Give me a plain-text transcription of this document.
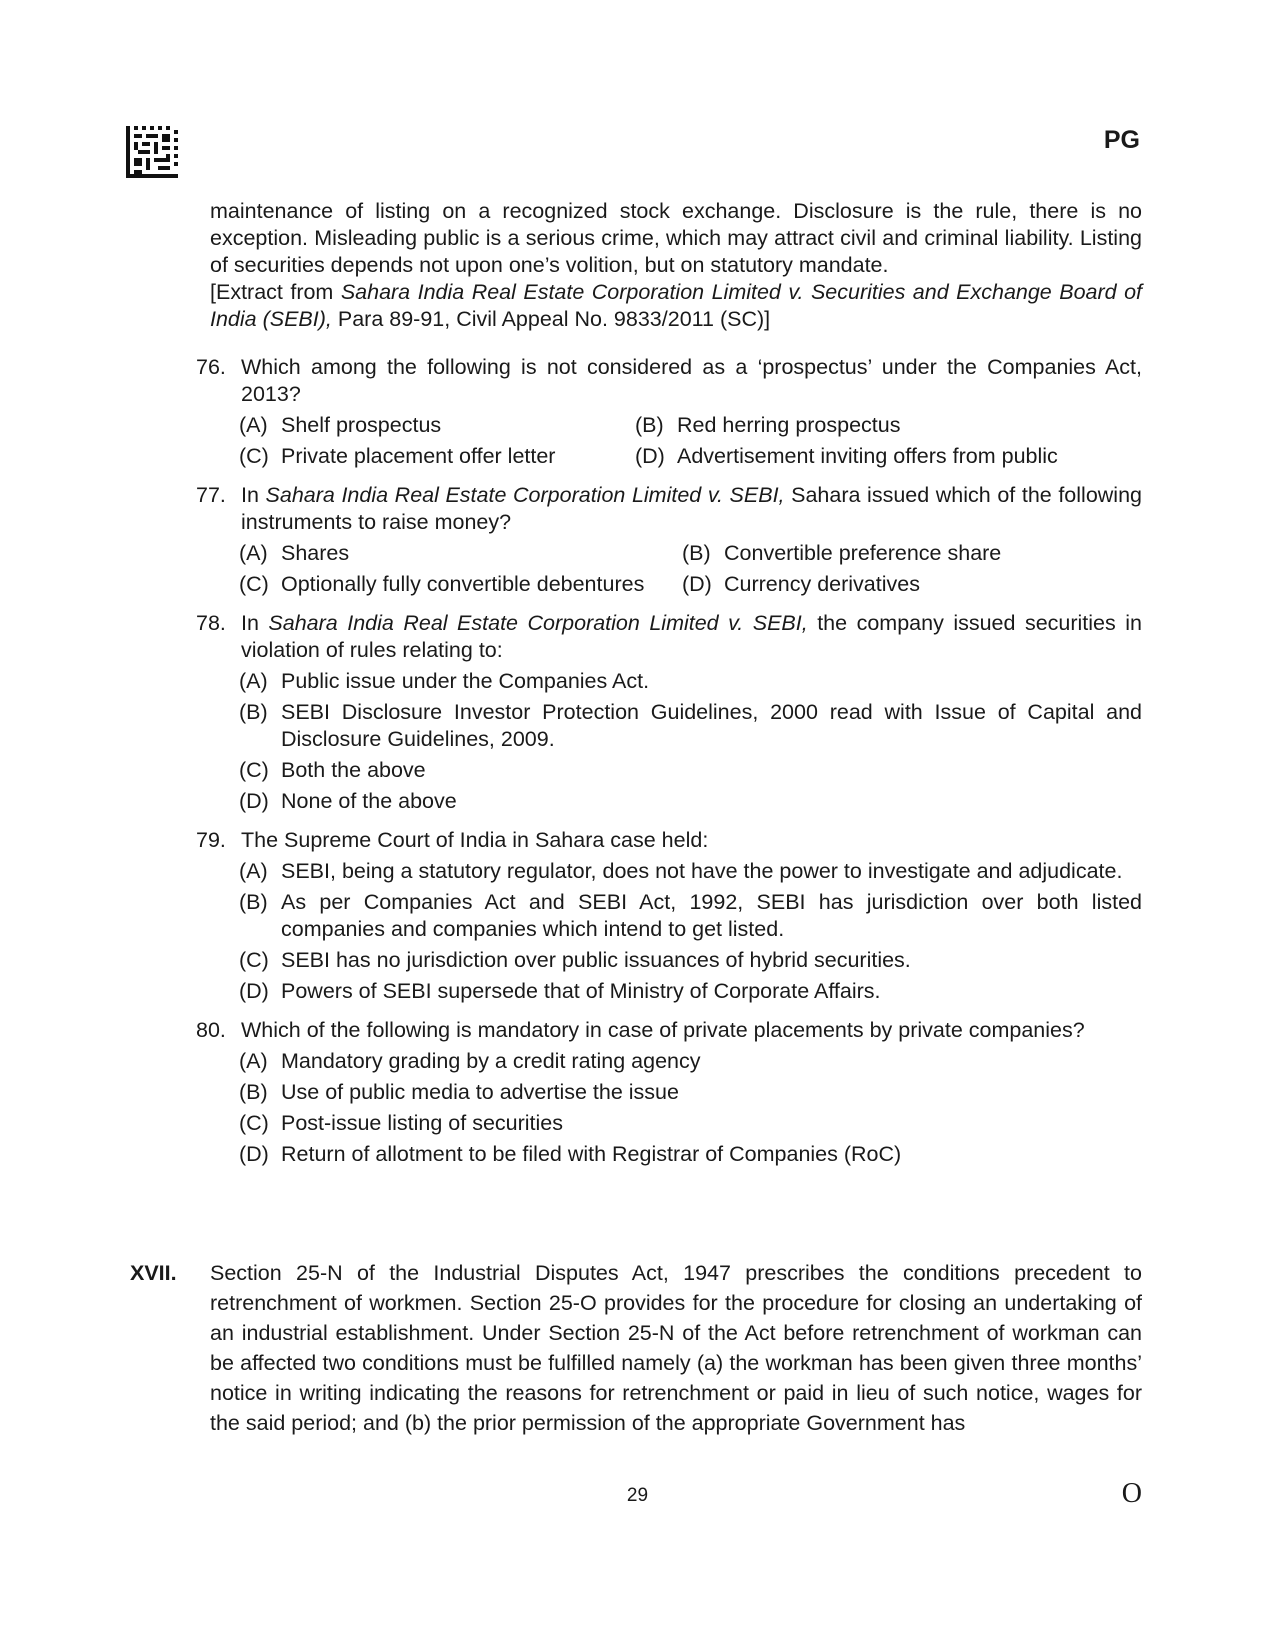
PG

maintenance of listing on a recognized stock exchange. Disclosure is the rule, there is no exception. Misleading public is a serious crime, which may attract civil and criminal liability. Listing of securities depends not upon one’s volition, but on statutory mandate.

[Extract from Sahara India Real Estate Corporation Limited v. Securities and Exchange Board of India (SEBI), Para 89-91, Civil Appeal No. 9833/2011 (SC)]

76. Which among the following is not considered as a ‘prospectus’ under the Companies Act, 2013?
(A) Shelf prospectus	(B) Red herring prospectus
(C) Private placement offer letter	(D) Advertisement inviting offers from public
77. In Sahara India Real Estate Corporation Limited v. SEBI, Sahara issued which of the following instruments to raise money?
(A) Shares	(B) Convertible preference share
(C) Optionally fully convertible debentures	(D) Currency derivatives
78. In Sahara India Real Estate Corporation Limited v. SEBI, the company issued securities in violation of rules relating to:
(A) Public issue under the Companies Act.
(B) SEBI Disclosure Investor Protection Guidelines, 2000 read with Issue of Capital and Disclosure Guidelines, 2009.
(C) Both the above
(D) None of the above
79. The Supreme Court of India in Sahara case held:
(A) SEBI, being a statutory regulator, does not have the power to investigate and adjudicate.
(B) As per Companies Act and SEBI Act, 1992, SEBI has jurisdiction over both listed companies and companies which intend to get listed.
(C) SEBI has no jurisdiction over public issuances of hybrid securities.
(D) Powers of SEBI supersede that of Ministry of Corporate Affairs.
80. Which of the following is mandatory in case of private placements by private companies?
(A) Mandatory grading by a credit rating agency
(B) Use of public media to advertise the issue
(C) Post-issue listing of securities
(D) Return of allotment to be filed with Registrar of Companies (RoC)
XVII.	Section 25-N of the Industrial Disputes Act, 1947 prescribes the conditions precedent to retrenchment of workmen. Section 25-O provides for the procedure for closing an undertaking of an industrial establishment. Under Section 25-N of the Act before retrenchment of workman can be affected two conditions must be fulfilled namely (a) the workman has been given three months’ notice in writing indicating the reasons for retrenchment or paid in lieu of such notice, wages for the said period; and (b) the prior permission of the appropriate Government has
29	O
